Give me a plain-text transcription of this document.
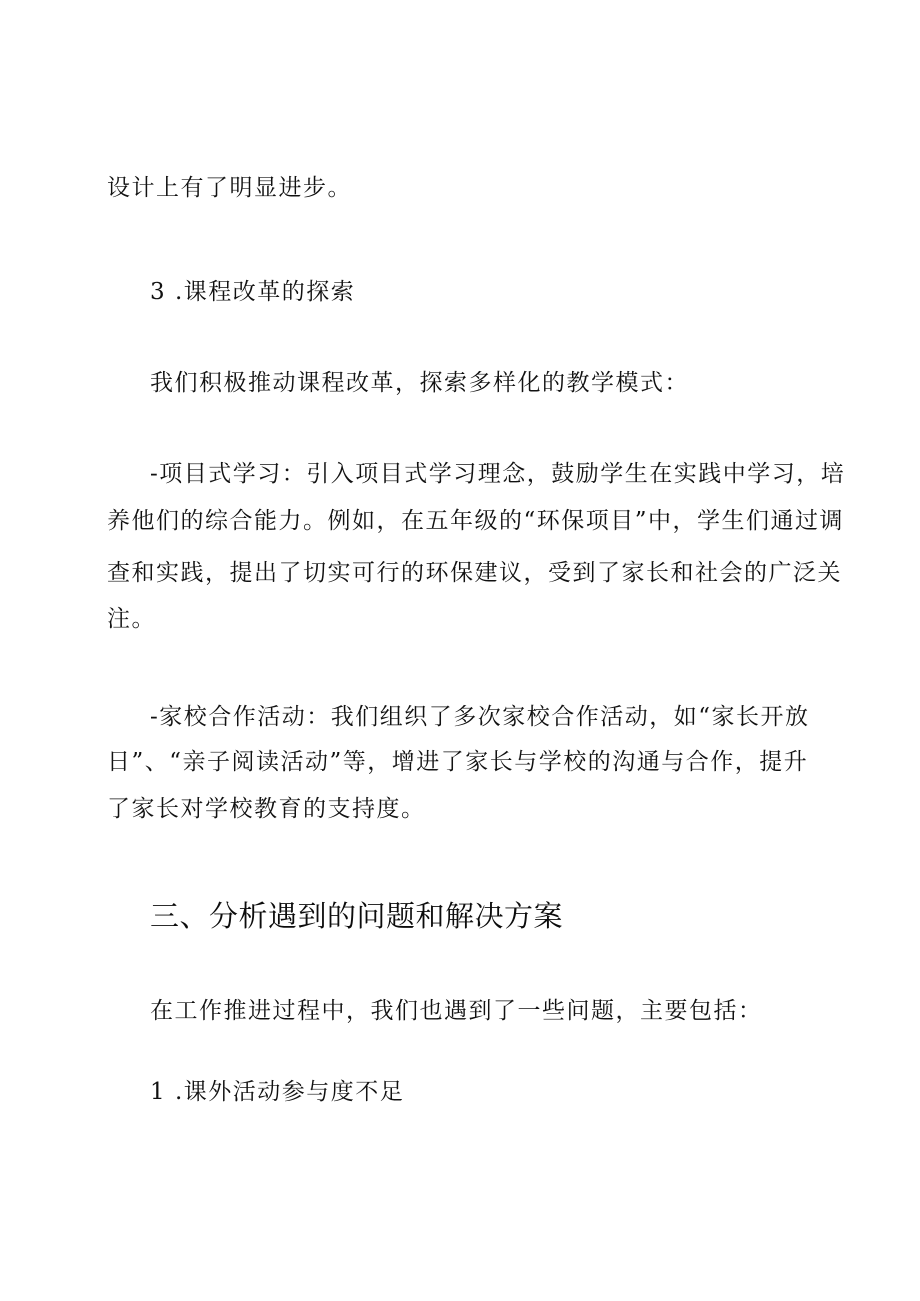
设计上有了明显进步。
3 .课程改革的探索
我们积极推动课程改革，探索多样化的教学模式：
-项目式学习：引入项目式学习理念，鼓励学生在实践中学习，培
养他们的综合能力。例如，在五年级的“环保项目”中，学生们通过调
查和实践，提出了切实可行的环保建议，受到了家长和社会的广泛关
注。
-家校合作活动：我们组织了多次家校合作活动，如“家长开放
日”、“亲子阅读活动”等，增进了家长与学校的沟通与合作，提升
了家长对学校教育的支持度。
三、分析遇到的问题和解决方案
在工作推进过程中，我们也遇到了一些问题，主要包括：
1 .课外活动参与度不足
